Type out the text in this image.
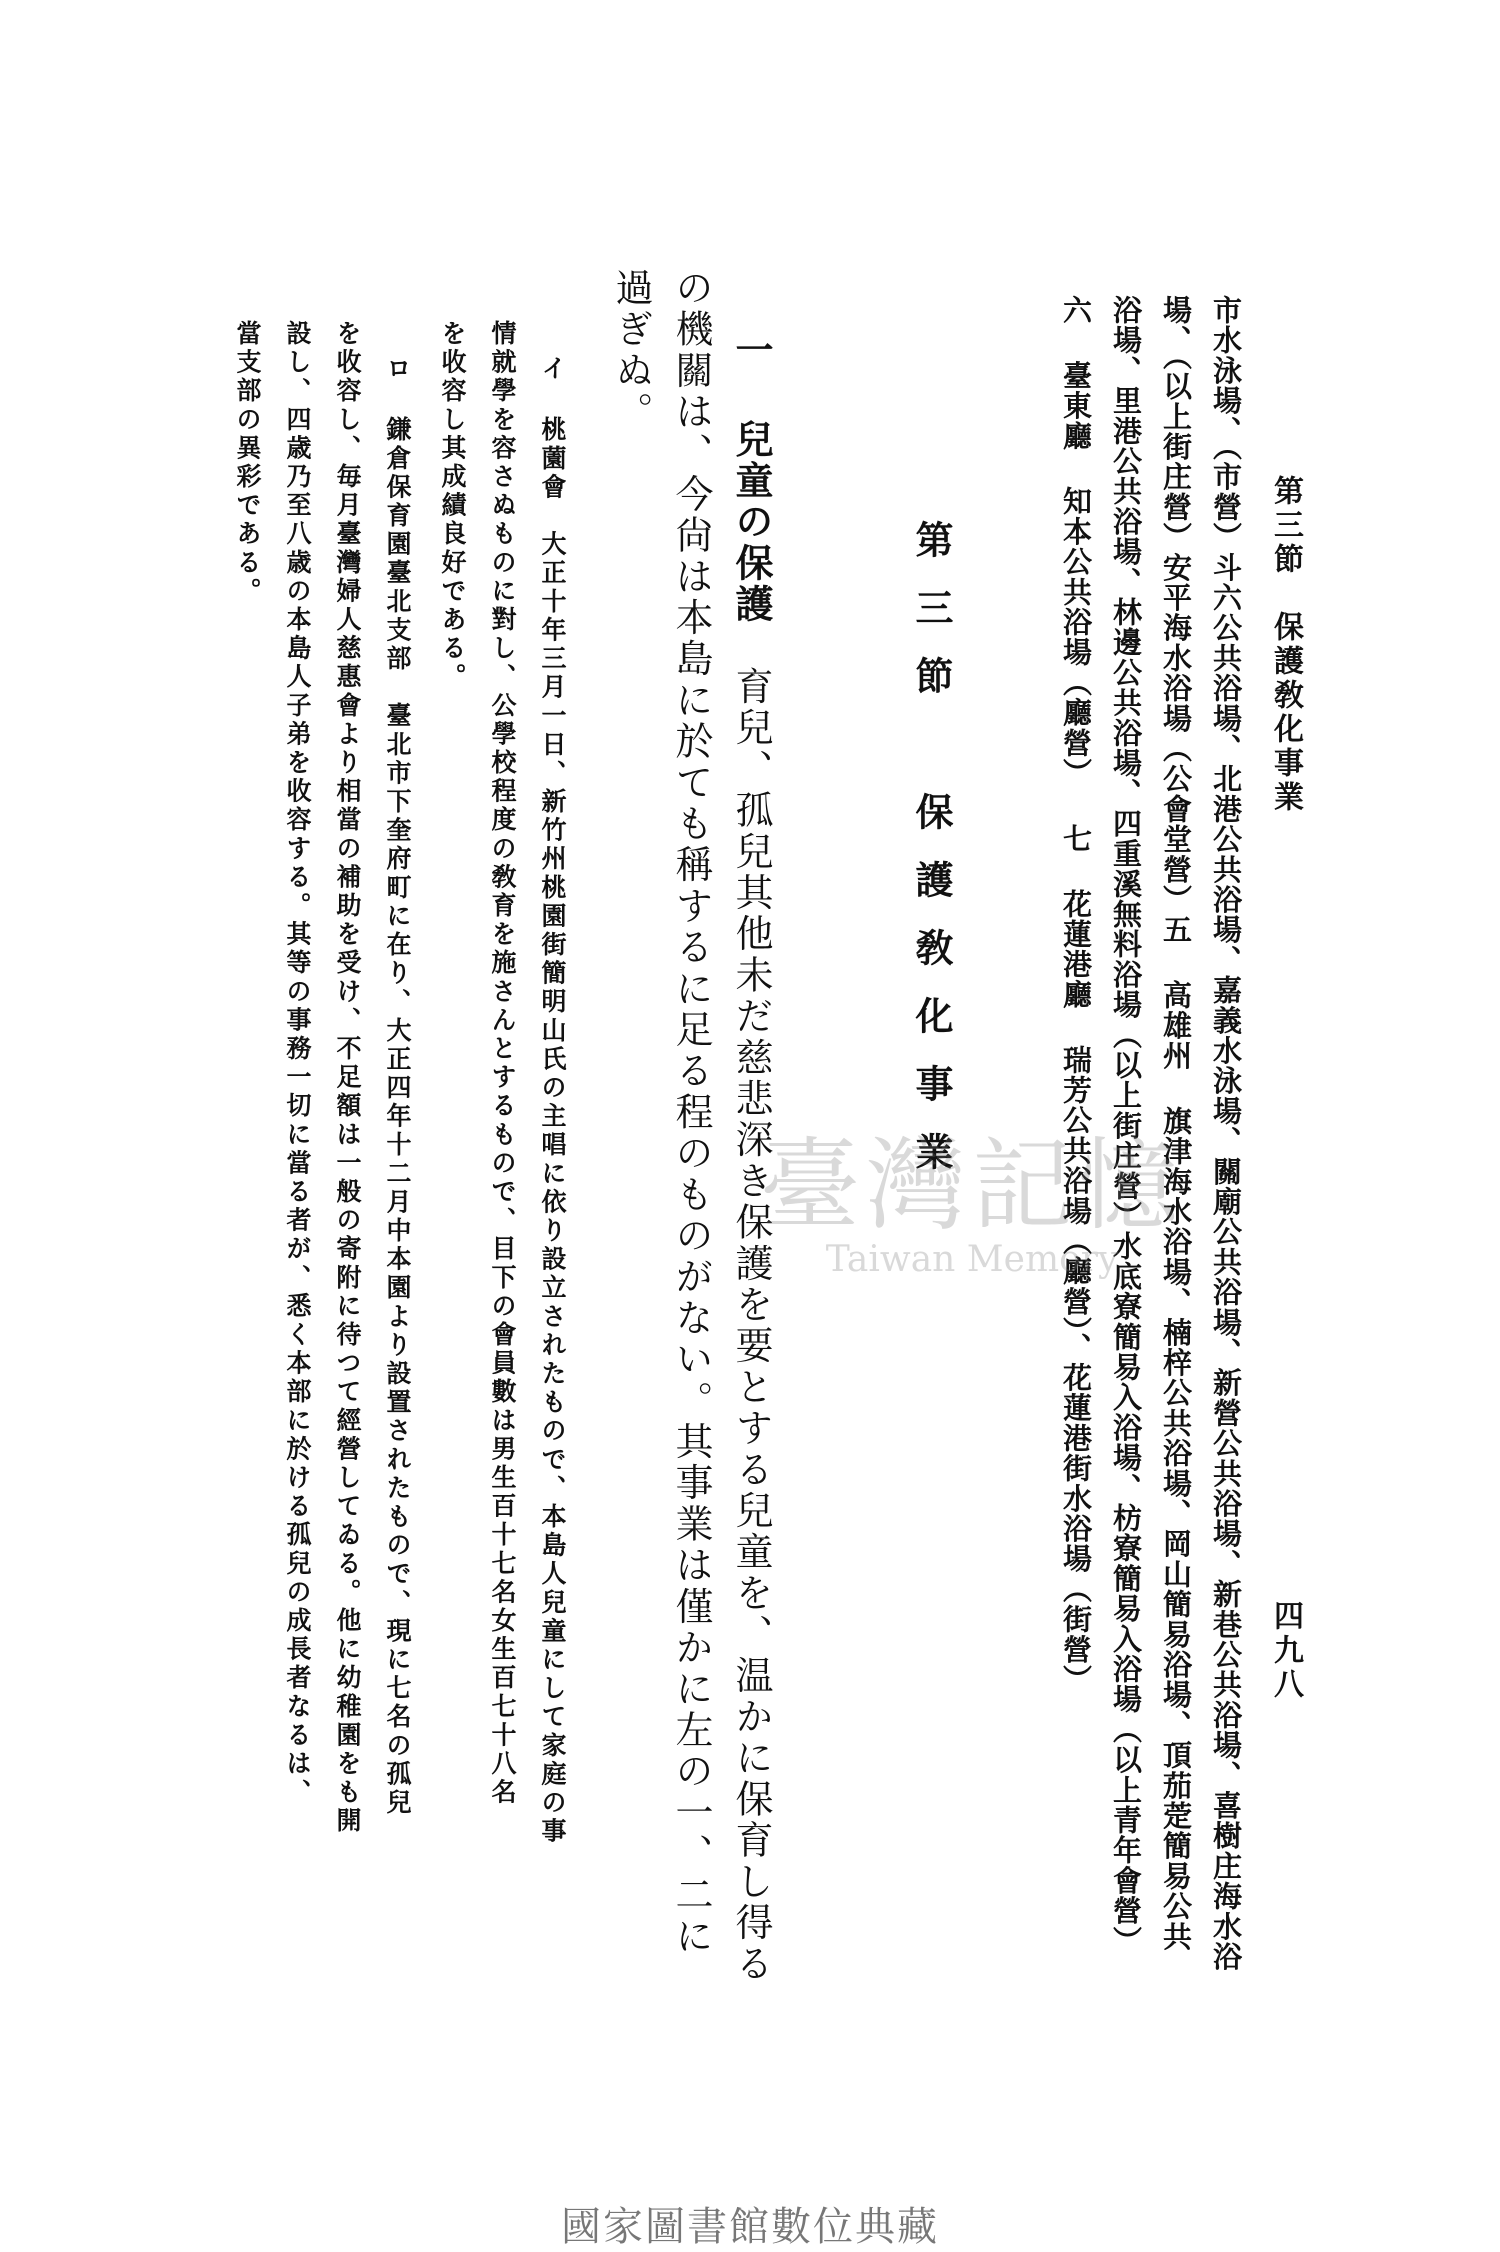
第三節　保護敎化事業
四九八
市水泳場、（市營）斗六公共浴場、北港公共浴場、嘉義水泳場、關廟公共浴場、新營公共浴場、新巷公共浴場、喜樹庄海水浴
場、（以上街庄營）安平海水浴場（公會堂營）五 高雄州 旗津海水浴場、楠梓公共浴場、岡山簡易浴場、頂茄萣簡易公共
浴場、里港公共浴場、林邊公共浴場、四重溪無料浴場（以上街庄營）水底寮簡易入浴場、枋寮簡易入浴場（以上青年會營）
六 臺東廳 知本公共浴場（廳營） 七 花蓮港廳 瑞芳公共浴場（廳營）、花蓮港街水浴場（街營）
第三節　保護敎化事業
一 兒童の保護　育兒、孤兒其他未だ慈悲深き保護を要とする兒童を、温かに保育し得る
の機關は、今尙は本島に於ても稱するに足る程のものがない。其事業は僅かに左の一、二に
過ぎぬ。
イ 桃薗會　大正十年三月一日、新竹州桃園街簡明山氏の主唱に依り設立されたもので、本島人兒童にして家庭の事
情就學を容さぬものに對し、公學校程度の敎育を施さんとするもので、目下の會員數は男生百十七名女生百七十八名
を收容し其成績良好である。
ロ 鎌倉保育園臺北支部　臺北市下奎府町に在り、大正四年十二月中本園より設置されたもので、現に七名の孤兒
を收容し、毎月臺灣婦人慈惠會より相當の補助を受け、不足額は一般の寄附に待つて經營してゐる。他に幼稚園をも開
設し、四歳乃至八歳の本島人子弟を收容する。其等の事務一切に當る者が、悉く本部に於ける孤兒の成長者なるは、
當支部の異彩である。
臺灣記憶
Taiwan Memory
國家圖書館數位典藏
